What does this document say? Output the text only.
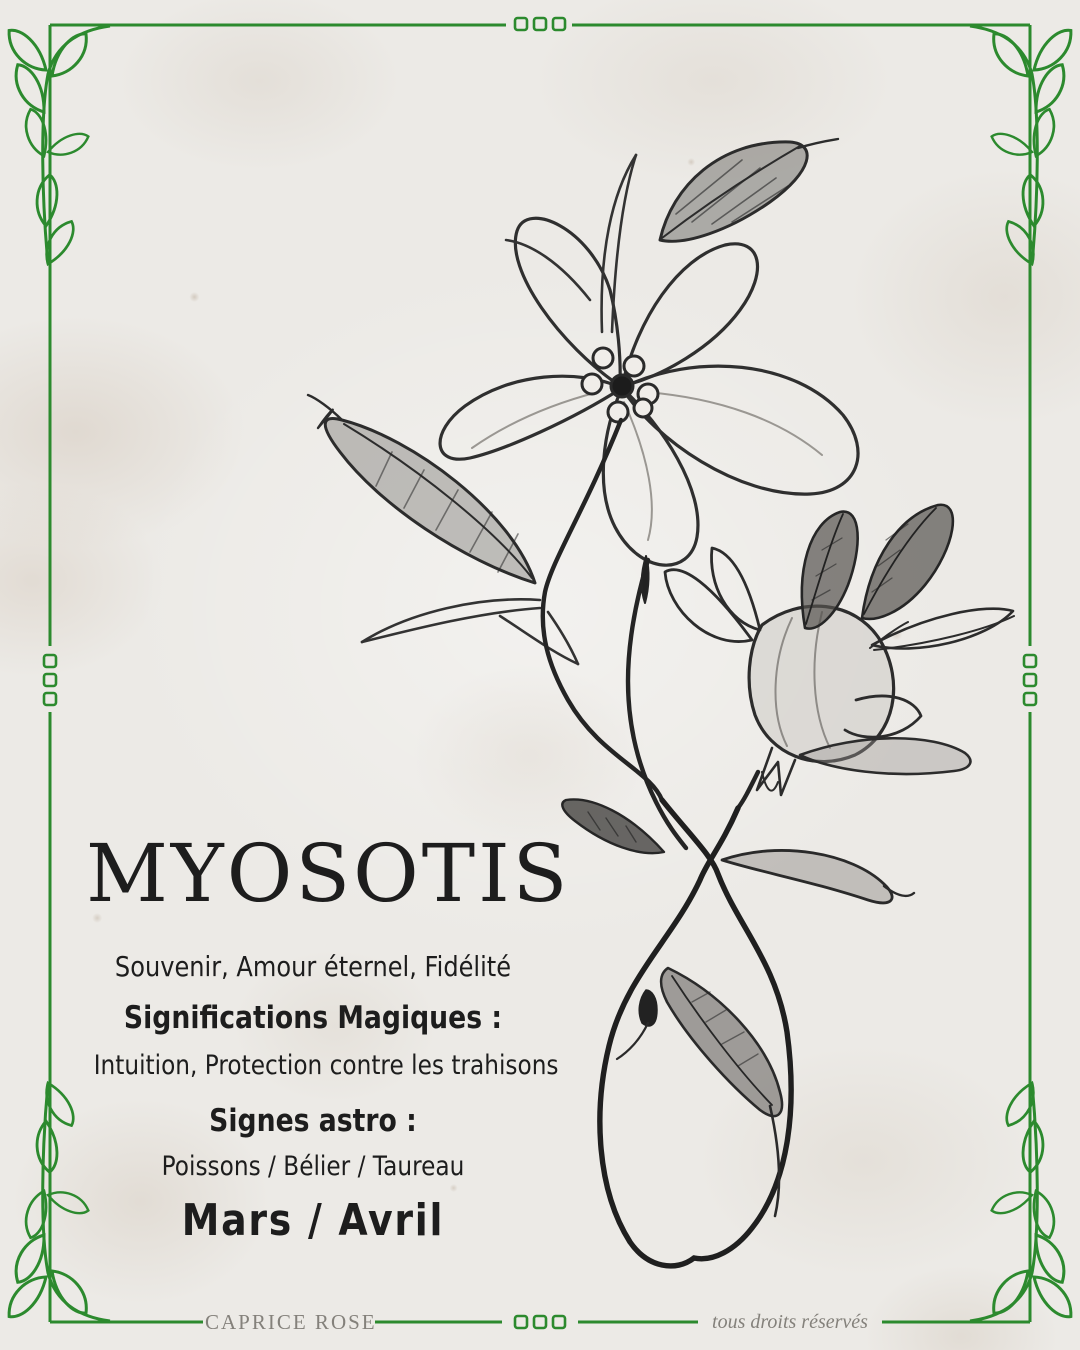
MYOSOTIS
Souvenir, Amour éternel, Fidélité
Significations Magiques :
Intuition, Protection contre les trahisons
Signes astro :
Poissons / Bélier / Taureau
Mars / Avril
CAPRICE ROSE	tous droits réservés
